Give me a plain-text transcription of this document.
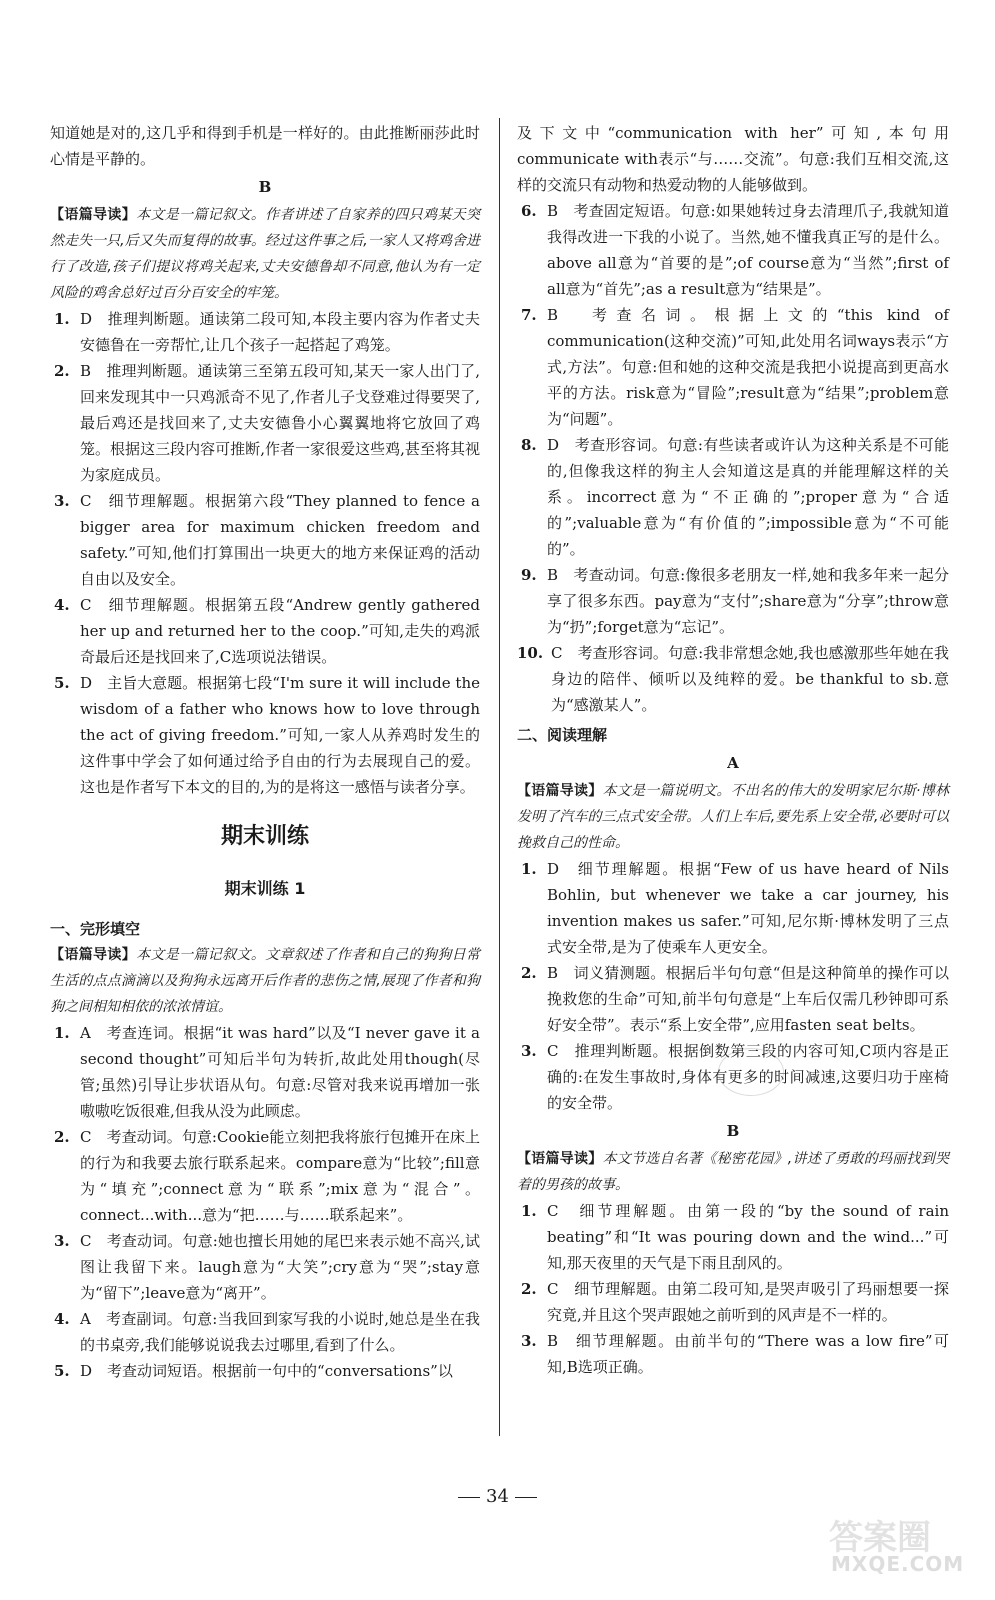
知道她是对的,这几乎和得到手机是一样好的。由此推断丽莎此时心情是平静的。

B

【语篇导读】本文是一篇记叙文。作者讲述了自家养的四只鸡某天突然走失一只,后又失而复得的故事。经过这件事之后,一家人又将鸡舍进行了改造,孩子们提议将鸡关起来,丈夫安德鲁却不同意,他认为有一定风险的鸡舍总好过百分百安全的牢笼。

1. D　推理判断题。通读第二段可知,本段主要内容为作者丈夫安德鲁在一旁帮忙,让几个孩子一起搭起了鸡笼。

2. B　推理判断题。通读第三至第五段可知,某天一家人出门了,回来发现其中一只鸡派奇不见了,作者儿子戈登难过得要哭了,最后鸡还是找回来了,丈夫安德鲁小心翼翼地将它放回了鸡笼。根据这三段内容可推断,作者一家很爱这些鸡,甚至将其视为家庭成员。

3. C　细节理解题。根据第六段“They planned to fence a bigger area for maximum chicken freedom and safety.”可知,他们打算围出一块更大的地方来保证鸡的活动自由以及安全。

4. C　细节理解题。根据第五段“Andrew gently gathered her up and returned her to the coop.”可知,走失的鸡派奇最后还是找回来了,C选项说法错误。

5. D　主旨大意题。根据第七段“I'm sure it will include the wisdom of a father who knows how to love through the act of giving freedom.”可知,一家人从养鸡时发生的这件事中学会了如何通过给予自由的行为去展现自己的爱。这也是作者写下本文的目的,为的是将这一感悟与读者分享。

期末训练

期末训练 1

一、完形填空

【语篇导读】本文是一篇记叙文。文章叙述了作者和自己的狗狗日常生活的点点滴滴以及狗狗永远离开后作者的悲伤之情,展现了作者和狗狗之间相知相依的浓浓情谊。

1. A　考查连词。根据“it was hard”以及“I never gave it a second thought”可知后半句为转折,故此处用though(尽管;虽然)引导让步状语从句。句意:尽管对我来说再增加一张嗷嗷吃饭很难,但我从没为此顾虑。

2. C　考查动词。句意:Cookie能立刻把我将旅行包摊开在床上的行为和我要去旅行联系起来。compare意为“比较”;fill意为“填充”;connect意为“联系”;mix意为“混合”。connect...with...意为“把……与……联系起来”。

3. C　考查动词。句意:她也擅长用她的尾巴来表示她不高兴,试图让我留下来。laugh意为“大笑”;cry意为“哭”;stay意为“留下”;leave意为“离开”。

4. A　考查副词。句意:当我回到家写我的小说时,她总是坐在我的书桌旁,我们能够说说我去过哪里,看到了什么。

5. D　考查动词短语。根据前一句中的“conversations”以

及下文中“communication with her”可知,本句用communicate with表示“与……交流”。句意:我们互相交流,这样的交流只有动物和热爱动物的人能够做到。

6. B　考查固定短语。句意:如果她转过身去清理爪子,我就知道我得改进一下我的小说了。当然,她不懂我真正写的是什么。above all意为“首要的是”;of course意为“当然”;first of all意为“首先”;as a result意为“结果是”。

7. B　考查名词。根据上文的“this kind of communication(这种交流)”可知,此处用名词ways表示“方式,方法”。句意:但和她的这种交流是我把小说提高到更高水平的方法。risk意为“冒险”;result意为“结果”;problem意为“问题”。

8. D　考查形容词。句意:有些读者或许认为这种关系是不可能的,但像我这样的狗主人会知道这是真的并能理解这样的关系。incorrect意为“不正确的”;proper意为“合适的”;valuable意为“有价值的”;impossible意为“不可能的”。

9. B　考查动词。句意:像很多老朋友一样,她和我多年来一起分享了很多东西。pay意为“支付”;share意为“分享”;throw意为“扔”;forget意为“忘记”。

10. C　考查形容词。句意:我非常想念她,我也感激那些年她在我身边的陪伴、倾听以及纯粹的爱。be thankful to sb.意为“感激某人”。

二、阅读理解

A

【语篇导读】本文是一篇说明文。不出名的伟大的发明家尼尔斯·博林发明了汽车的三点式安全带。人们上车后,要先系上安全带,必要时可以挽救自己的性命。

1. D　细节理解题。根据“Few of us have heard of Nils Bohlin, but whenever we take a car journey, his invention makes us safer.”可知,尼尔斯·博林发明了三点式安全带,是为了使乘车人更安全。

2. B　词义猜测题。根据后半句句意“但是这种简单的操作可以挽救您的生命”可知,前半句句意是“上车后仅需几秒钟即可系好安全带”。表示“系上安全带”,应用fasten seat belts。

3. C　推理判断题。根据倒数第三段的内容可知,C项内容是正确的:在发生事故时,身体有更多的时间减速,这要归功于座椅的安全带。

B

【语篇导读】本文节选自名著《秘密花园》,讲述了勇敢的玛丽找到哭着的男孩的故事。

1. C　细节理解题。由第一段的“by the sound of rain beating”和“It was pouring down and the wind...”可知,那天夜里的天气是下雨且刮风的。

2. C　细节理解题。由第二段可知,是哭声吸引了玛丽想要一探究竟,并且这个哭声跟她之前听到的风声是不一样的。

3. B　细节理解题。由前半句的“There was a low fire”可知,B选项正确。

34
答案圈
MXQE.COM
